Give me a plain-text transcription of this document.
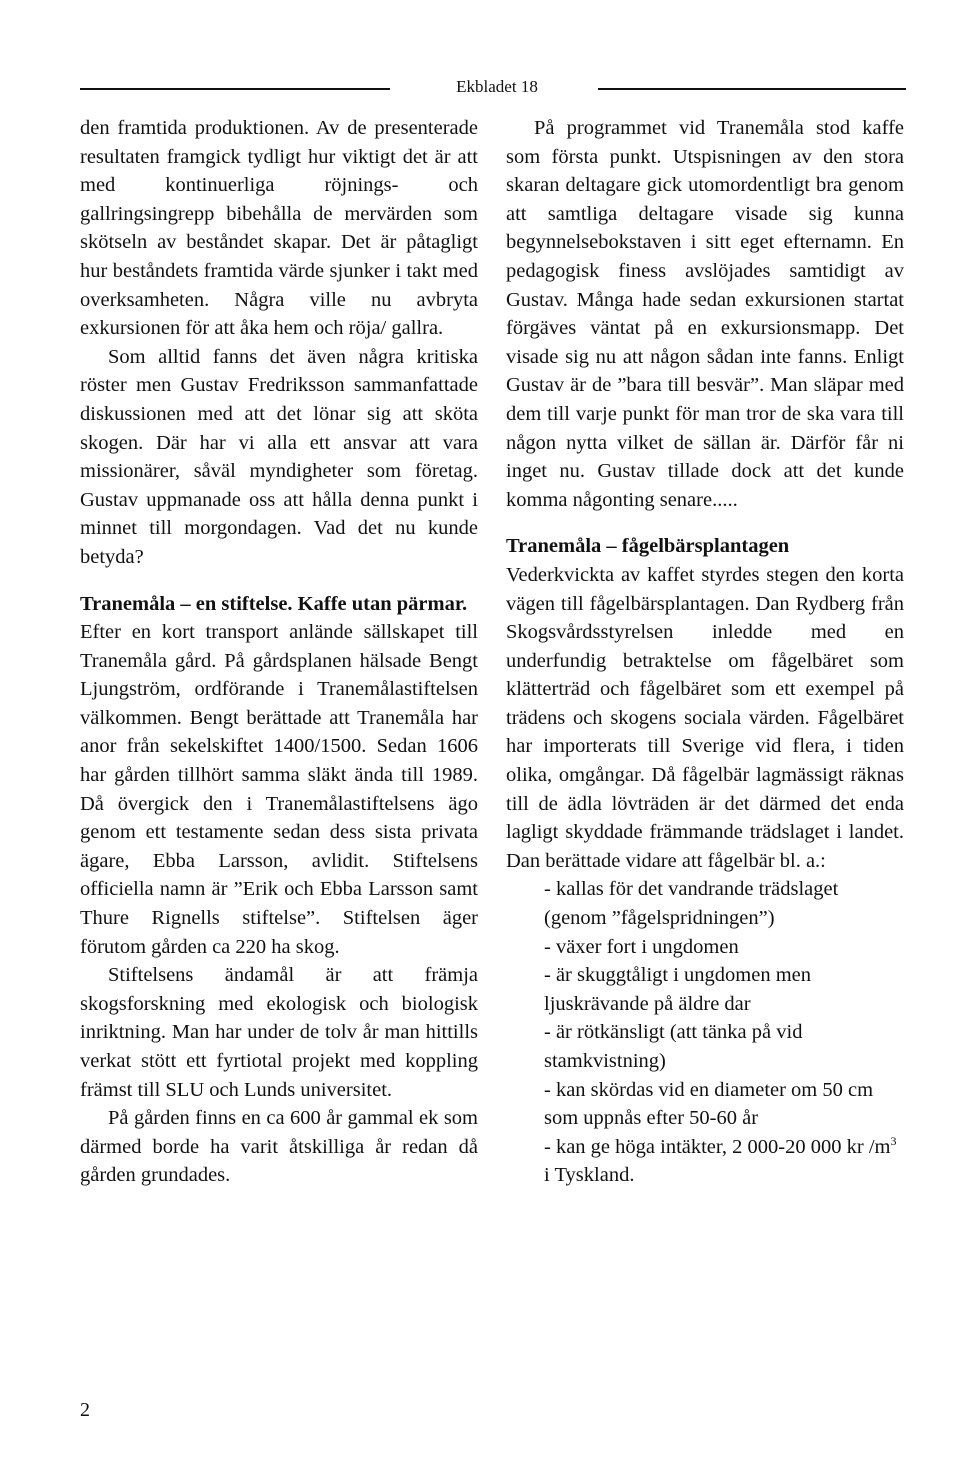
Ekbladet 18

den framtida produktionen. Av de presenterade resultaten framgick tydligt hur viktigt det är att med kontinuerliga röjnings- och gallringsingrepp bibehålla de mervärden som skötseln av beståndet skapar. Det är påtagligt hur beståndets framtida värde sjunker i takt med overksamheten. Några ville nu avbryta exkursionen för att åka hem och röja/ gallra.

Som alltid fanns det även några kritiska röster men Gustav Fredriksson sammanfattade diskussionen med att det lönar sig att sköta skogen. Där har vi alla ett ansvar att vara missionärer, såväl myndigheter som företag. Gustav uppmanade oss att hålla denna punkt i minnet till morgondagen. Vad det nu kunde betyda?

Tranemåla – en stiftelse. Kaffe utan pärmar.

Efter en kort transport anlände sällskapet till Tranemåla gård. På gårdsplanen hälsade Bengt Ljungström, ordförande i Tranemålastiftelsen välkommen. Bengt berättade att Tranemåla har anor från sekelskiftet 1400/1500. Sedan 1606 har gården tillhört samma släkt ända till 1989. Då övergick den i Tranemålastiftelsens ägo genom ett testamente sedan dess sista privata ägare, Ebba Larsson, avlidit. Stiftelsens officiella namn är ”Erik och Ebba Larsson samt Thure Rignells stiftelse”. Stiftelsen äger förutom gården ca 220 ha skog.

Stiftelsens ändamål är att främja skogsforskning med ekologisk och biologisk inriktning. Man har under de tolv år man hittills verkat stött ett fyrtiotal projekt med koppling främst till SLU och Lunds universitet.

På gården finns en ca 600 år gammal ek som därmed borde ha varit åtskilliga år redan då gården grundades.

På programmet vid Tranemåla stod kaffe som första punkt. Utspisningen av den stora skaran deltagare gick utomordentligt bra genom att samtliga deltagare visade sig kunna begynnelsebokstaven i sitt eget efternamn. En pedagogisk finess avslöjades samtidigt av Gustav. Många hade sedan exkursionen startat förgäves väntat på en exkursionsmapp. Det visade sig nu att någon sådan inte fanns. Enligt Gustav är de ”bara till besvär”. Man släpar med dem till varje punkt för man tror de ska vara till någon nytta vilket de sällan är. Därför får ni inget nu. Gustav tillade dock att det kunde komma någonting senare.....

Tranemåla – fågelbärsplantagen

Vederkvickta av kaffet styrdes stegen den korta vägen till fågelbärsplantagen. Dan Rydberg från Skogsvårdsstyrelsen inledde med en underfundig betraktelse om fågelbäret som klätterträd och fågelbäret som ett exempel på trädens och skogens sociala värden. Fågelbäret har importerats till Sverige vid flera, i tiden olika, omgångar. Då fågelbär lagmässigt räknas till de ädla lövträden är det därmed det enda lagligt skyddade främmande trädslaget i landet. Dan berättade vidare att fågelbär bl. a.:

- kallas för det vandrande trädslaget (genom ”fågelspridningen”)
- växer fort i ungdomen
- är skuggtåligt i ungdomen men ljuskrävande på äldre dar
- är rötkänsligt (att tänka på vid stamkvistning)
- kan skördas vid en diameter om 50 cm som uppnås efter 50-60 år
- kan ge höga intäkter, 2 000-20 000 kr $/m^3$ i Tyskland.
2
